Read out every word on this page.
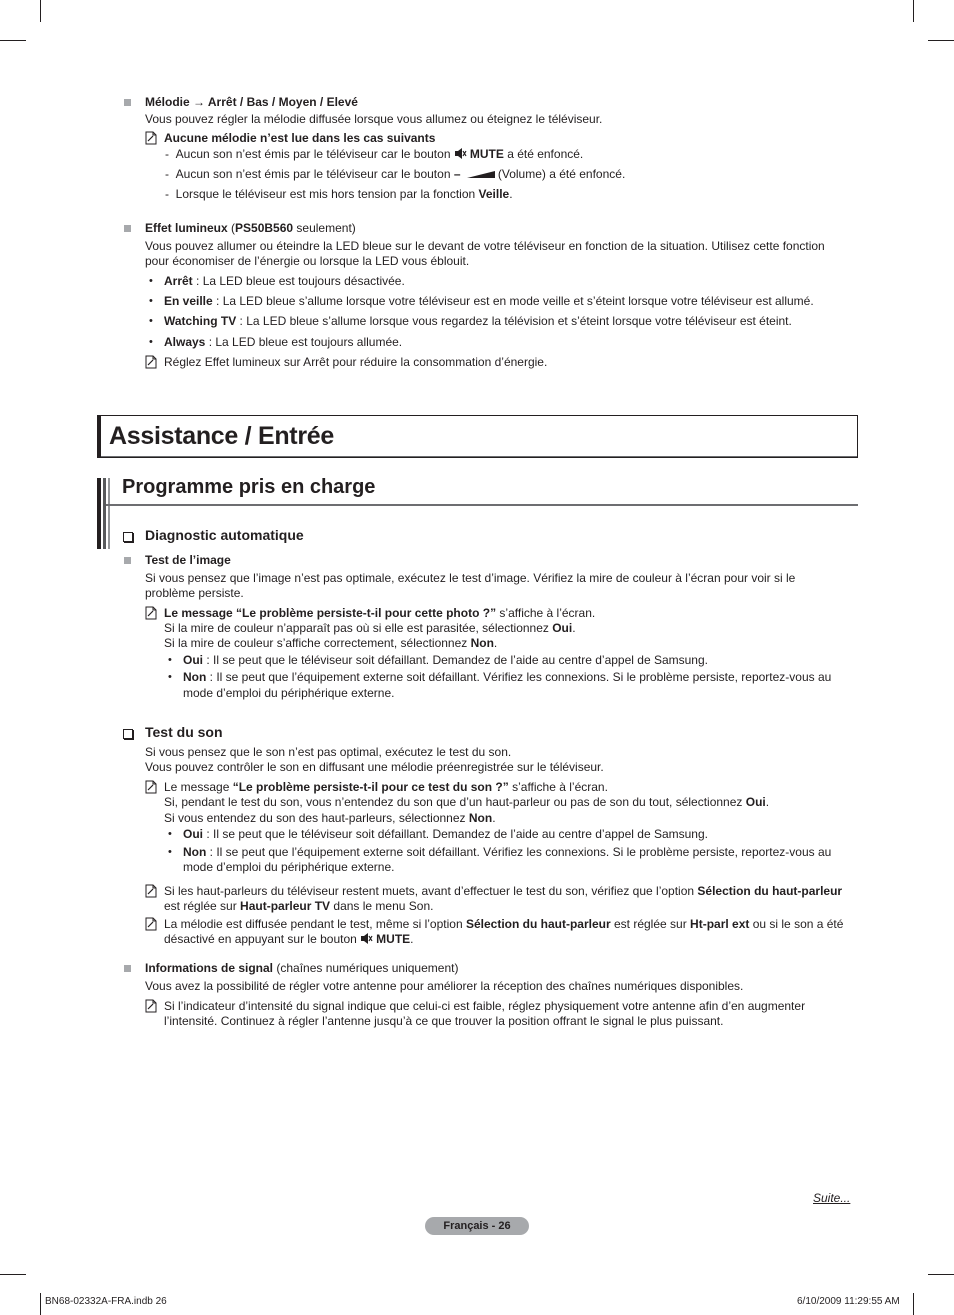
Mélodie → Arrêt / Bas / Moyen / Elevé
Vous pouvez régler la mélodie diffusée lorsque vous allumez ou éteignez le téléviseur.
Aucune mélodie n’est lue dans les cas suivants
-  Aucun son n’est émis par le téléviseur car le bouton MUTE a été enfoncé.
-  Aucun son n’est émis par le téléviseur car le bouton –	(Volume) a été enfoncé.
-  Lorsque le téléviseur est mis hors tension par la fonction Veille.
Effet lumineux (PS50B560 seulement)
Vous pouvez allumer ou éteindre la LED bleue sur le devant de votre téléviseur en fonction de la situation. Utilisez cette fonction
pour économiser de l’énergie ou lorsque la LED vous éblouit.
• Arrêt : La LED bleue est toujours désactivée.
• En veille : La LED bleue s’allume lorsque votre téléviseur est en mode veille et s’éteint lorsque votre téléviseur est allumé.
• Watching TV : La LED bleue s’allume lorsque vous regardez la télévision et s’éteint lorsque votre téléviseur est éteint.
• Always : La LED bleue est toujours allumée.
Réglez Effet lumineux sur Arrêt pour réduire la consommation d’énergie.
Assistance / Entrée
Programme pris en charge
Diagnostic automatique
Test de l’image
Si vous pensez que l’image n’est pas optimale, exécutez le test d’image. Vérifiez la mire de couleur à l’écran pour voir si le
problème persiste.
Le message “Le problème persiste-t-il pour cette photo ?” s’affiche à l’écran.
Si la mire de couleur n’apparaît pas où si elle est parasitée, sélectionnez Oui.
Si la mire de couleur s’affiche correctement, sélectionnez Non.
• Oui : Il se peut que le téléviseur soit défaillant. Demandez de l’aide au centre d’appel de Samsung.
• Non : Il se peut que l’équipement externe soit défaillant. Vérifiez les connexions. Si le problème persiste, reportez-vous au
mode d’emploi du périphérique externe.
Test du son
Si vous pensez que le son n’est pas optimal, exécutez le test du son.
Vous pouvez contrôler le son en diffusant une mélodie préenregistrée sur le téléviseur.
Le message “Le problème persiste-t-il pour ce test du son ?” s’affiche à l’écran.
Si, pendant le test du son, vous n’entendez du son que d’un haut-parleur ou pas de son du tout, sélectionnez Oui.
Si vous entendez du son des haut-parleurs, sélectionnez Non.
• Oui : Il se peut que le téléviseur soit défaillant. Demandez de l’aide au centre d’appel de Samsung.
• Non : Il se peut que l’équipement externe soit défaillant. Vérifiez les connexions. Si le problème persiste, reportez-vous au
mode d’emploi du périphérique externe.
Si les haut-parleurs du téléviseur restent muets, avant d’effectuer le test du son, vérifiez que l’option Sélection du haut-parleur
est réglée sur Haut-parleur TV dans le menu Son.
La mélodie est diffusée pendant le test, même si l’option Sélection du haut-parleur est réglée sur Ht-parl ext ou si le son a été
désactivé en appuyant sur le bouton MUTE.
Informations de signal (chaînes numériques uniquement)
Vous avez la possibilité de régler votre antenne pour améliorer la réception des chaînes numériques disponibles.
Si l’indicateur d’intensité du signal indique que celui-ci est faible, réglez physiquement votre antenne afin d’en augmenter
l’intensité. Continuez à régler l’antenne jusqu’à ce que trouver la position offrant le signal le plus puissant.
Suite...
Français - 26
BN68-02332A-FRA.indb 26	6/10/2009 11:29:55 AM
